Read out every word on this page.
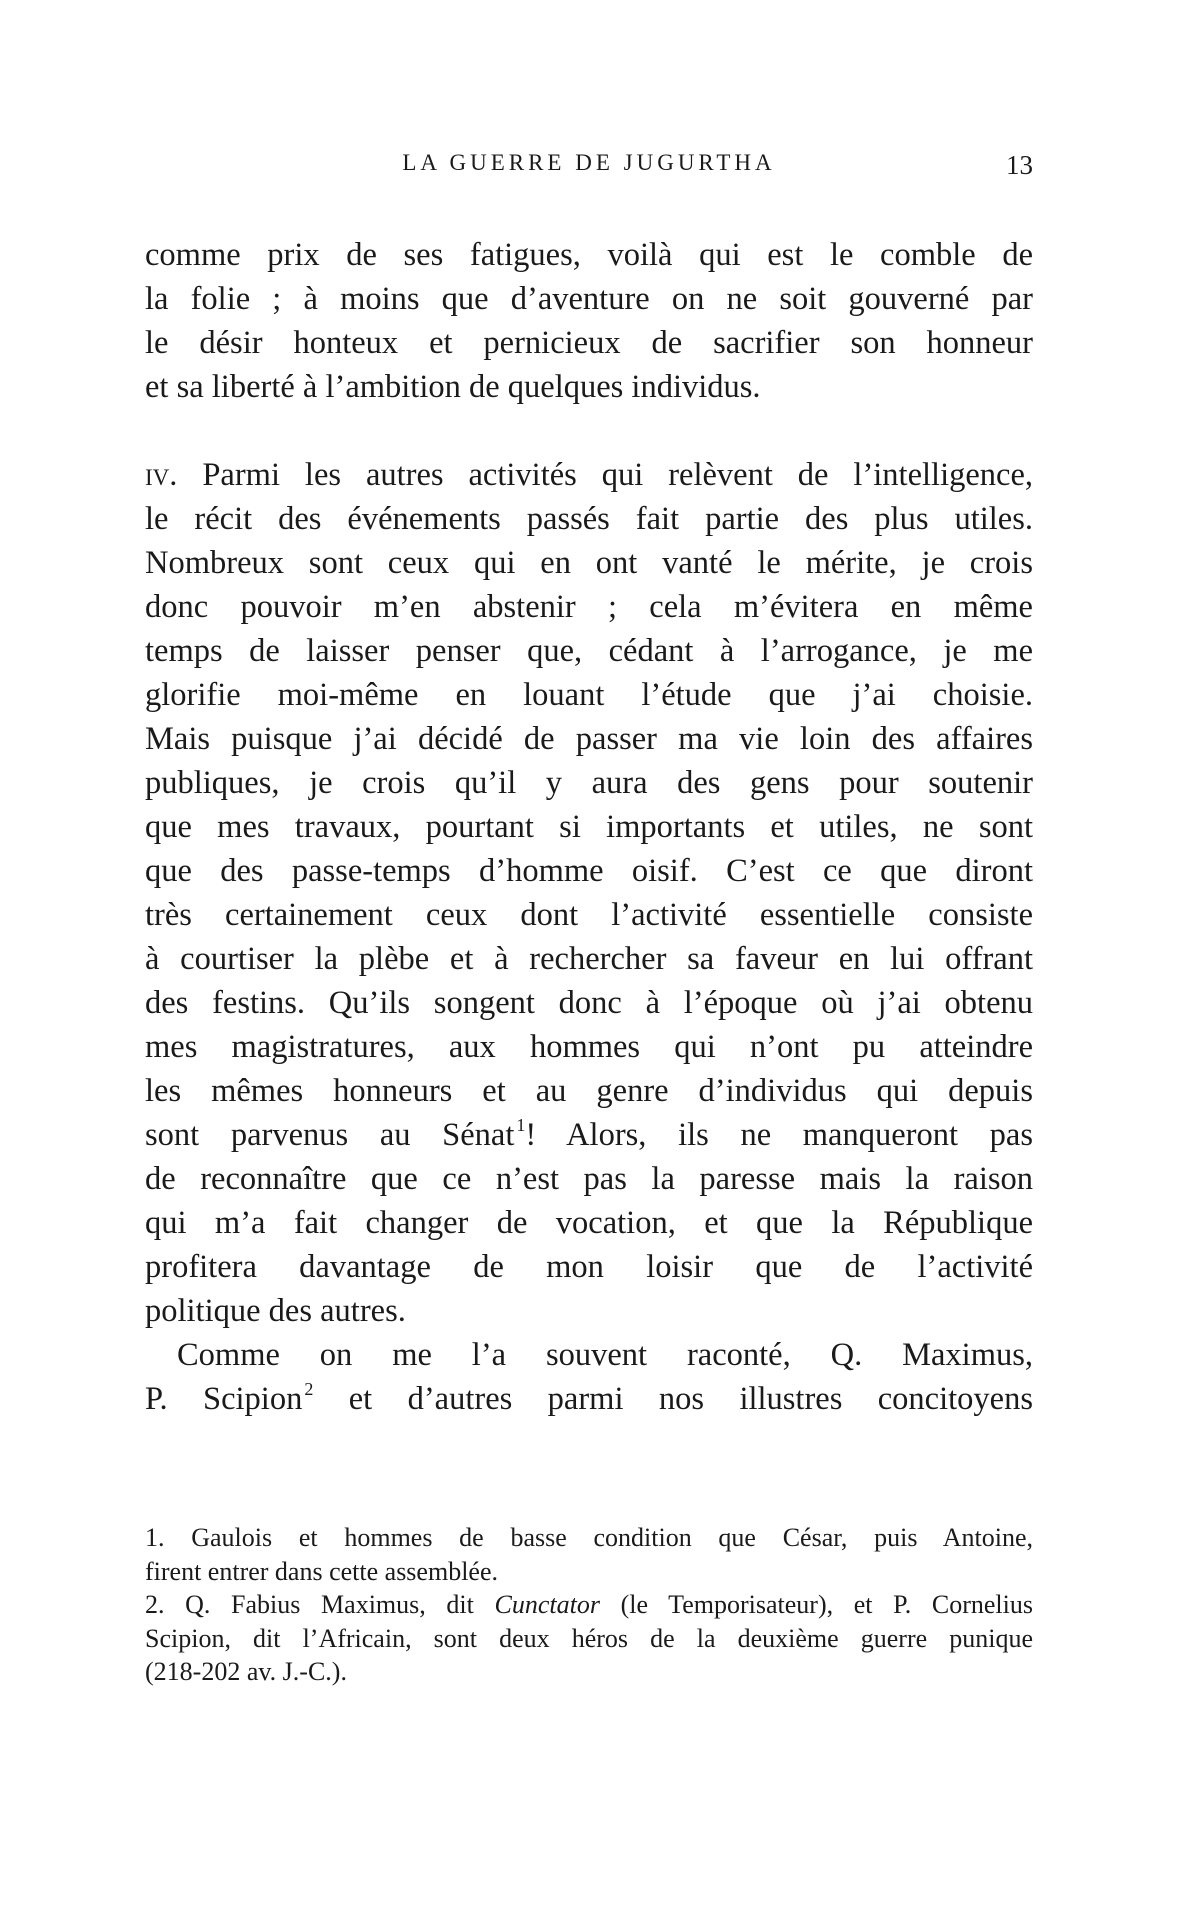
LA GUERRE DE JUGURTHA	13
comme prix de ses fatigues, voilà qui est le comble de
la folie ; à moins que d’aventure on ne soit gouverné par
le désir honteux et pernicieux de sacrifier son honneur
et sa liberté à l’ambition de quelques individus.
iv. Parmi les autres activités qui relèvent de l’intelligence,
le récit des événements passés fait partie des plus utiles.
Nombreux sont ceux qui en ont vanté le mérite, je crois
donc pouvoir m’en abstenir ; cela m’évitera en même
temps de laisser penser que, cédant à l’arrogance, je me
glorifie moi-même en louant l’étude que j’ai choisie.
Mais puisque j’ai décidé de passer ma vie loin des affaires
publiques, je crois qu’il y aura des gens pour soutenir
que mes travaux, pourtant si importants et utiles, ne sont
que des passe-temps d’homme oisif. C’est ce que diront
très certainement ceux dont l’activité essentielle consiste
à courtiser la plèbe et à rechercher sa faveur en lui offrant
des festins. Qu’ils songent donc à l’époque où j’ai obtenu
mes magistratures, aux hommes qui n’ont pu atteindre
les mêmes honneurs et au genre d’individus qui depuis
sont parvenus au Sénat $^1$! Alors, ils ne manqueront pas
de reconnaître que ce n’est pas la paresse mais la raison
qui m’a fait changer de vocation, et que la République
profitera davantage de mon loisir que de l’activité
politique des autres.
Comme on me l’a souvent raconté, Q. Maximus,
P. Scipion $^2$ et d’autres parmi nos illustres concitoyens
1. Gaulois et hommes de basse condition que César, puis Antoine,
firent entrer dans cette assemblée.
2. Q. Fabius Maximus, dit Cunctator (le Temporisateur), et P. Cornelius
Scipion, dit l’Africain, sont deux héros de la deuxième guerre punique
(218-202 av. J.-C.).
